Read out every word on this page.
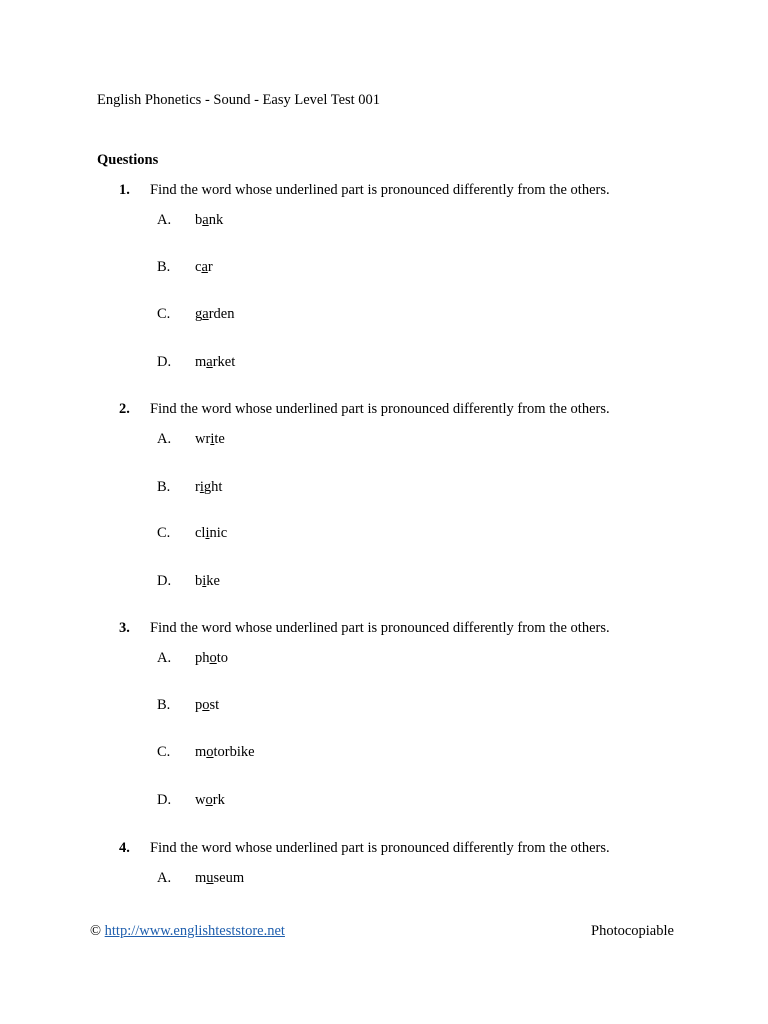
English Phonetics - Sound - Easy Level Test 001
Questions
1. Find the word whose underlined part is pronounced differently from the others.
A. bank
B. car
C. garden
D. market
2. Find the word whose underlined part is pronounced differently from the others.
A. write
B. right
C. clinic
D. bike
3. Find the word whose underlined part is pronounced differently from the others.
A. photo
B. post
C. motorbike
D. work
4. Find the word whose underlined part is pronounced differently from the others.
A. museum
© http://www.englishteststore.net	Photocopiable
